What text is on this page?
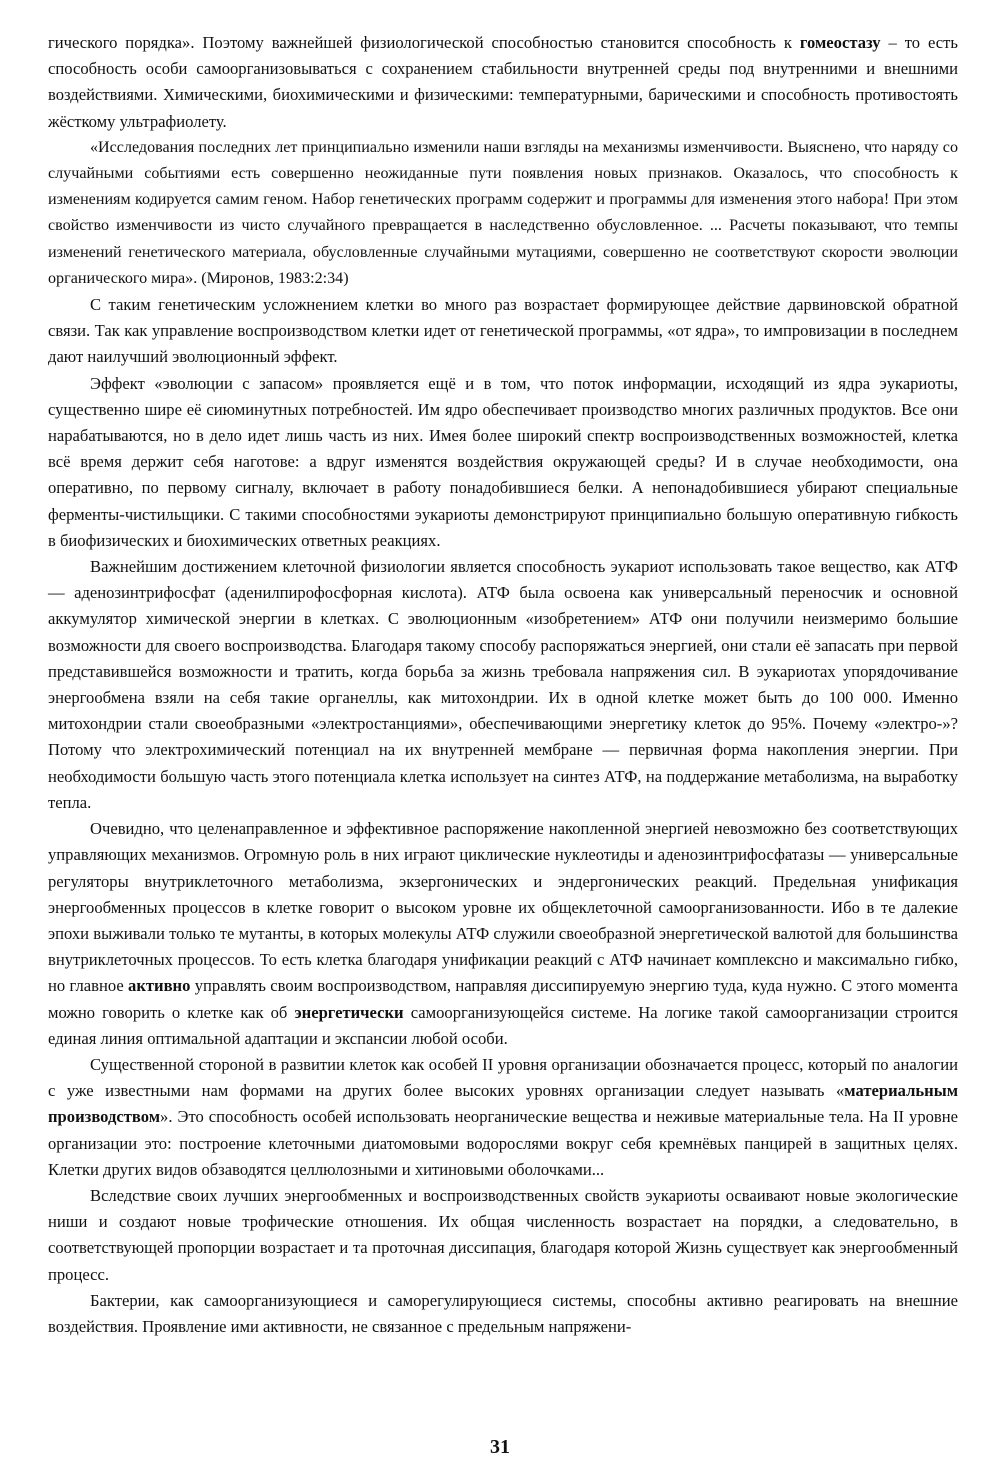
гического порядка». Поэтому важнейшей физиологической способностью становится способность к гомеостазу – то есть способность особи самоорганизовываться с сохранением стабильности внутренней среды под внутренними и внешними воздействиями. Химическими, биохимическими и физическими: температурными, барическими и способность противостоять жёсткому ультрафиолету.

«Исследования последних лет принципиально изменили наши взгляды на механизмы изменчивости. Выяснено, что наряду со случайными событиями есть совершенно неожиданные пути появления новых признаков. Оказалось, что способность к изменениям кодируется самим геном. Набор генетических программ содержит и программы для изменения этого набора! При этом свойство изменчивости из чисто случайного превращается в наследственно обусловленное. ... Расчеты показывают, что темпы изменений генетического материала, обусловленные случайными мутациями, совершенно не соответствуют скорости эволюции органического мира». (Миронов, 1983:2:34)

С таким генетическим усложнением клетки во много раз возрастает формирующее действие дарвиновской обратной связи. Так как управление воспроизводством клетки идет от генетической программы, «от ядра», то импровизации в последнем дают наилучший эволюционный эффект.

Эффект «эволюции с запасом» проявляется ещё и в том, что поток информации, исходящий из ядра эукариоты, существенно шире её сиюминутных потребностей. Им ядро обеспечивает производство многих различных продуктов. Все они нарабатываются, но в дело идет лишь часть из них. Имея более широкий спектр воспроизводственных возможностей, клетка всё время держит себя наготове: а вдруг изменятся воздействия окружающей среды? И в случае необходимости, она оперативно, по первому сигналу, включает в работу понадобившиеся белки. А непонадобившиеся убирают специальные ферменты-чистильщики. С такими способностями эукариоты демонстрируют принципиально большую оперативную гибкость в биофизических и биохимических ответных реакциях.

Важнейшим достижением клеточной физиологии является способность эукариот использовать такое вещество, как АТФ — аденозинтрифосфат (аденилпирофосфорная кислота). АТФ была освоена как универсальный переносчик и основной аккумулятор химической энергии в клетках. С эволюционным «изобретением» АТФ они получили неизмеримо большие возможности для своего воспроизводства. Благодаря такому способу распоряжаться энергией, они стали её запасать при первой представившейся возможности и тратить, когда борьба за жизнь требовала напряжения сил. В эукариотах упорядочивание энергообмена взяли на себя такие органеллы, как митохондрии. Их в одной клетке может быть до 100 000. Именно митохондрии стали своеобразными «электростанциями», обеспечивающими энергетику клеток до 95%. Почему «электро-»? Потому что электрохимический потенциал на их внутренней мембране — первичная форма накопления энергии. При необходимости большую часть этого потенциала клетка использует на синтез АТФ, на поддержание метаболизма, на выработку тепла.

Очевидно, что целенаправленное и эффективное распоряжение накопленной энергией невозможно без соответствующих управляющих механизмов. Огромную роль в них играют циклические нуклеотиды и аденозинтрифосфатазы — универсальные регуляторы внутриклеточного метаболизма, экзергонических и эндергонических реакций. Предельная унификация энергообменных процессов в клетке говорит о высоком уровне их общеклеточной самоорганизованности. Ибо в те далекие эпохи выживали только те мутанты, в которых молекулы АТФ служили своеобразной энергетической валютой для большинства внутриклеточных процессов. То есть клетка благодаря унификации реакций с АТФ начинает комплексно и максимально гибко, но главное активно управлять своим воспроизводством, направляя диссипируемую энергию туда, куда нужно. С этого момента можно говорить о клетке как об энергетически самоорганизующейся системе. На логике такой самоорганизации строится единая линия оптимальной адаптации и экспансии любой особи.

Существенной стороной в развитии клеток как особей II уровня организации обозначается процесс, который по аналогии с уже известными нам формами на других более высоких уровнях организации следует называть «материальным производством». Это способность особей использовать неорганические вещества и неживые материальные тела. На II уровне организации это: построение клеточными диатомовыми водорослями вокруг себя кремнёвых панцирей в защитных целях. Клетки других видов обзаводятся целлюлозными и хитиновыми оболочками...

Вследствие своих лучших энергообменных и воспроизводственных свойств эукариоты осваивают новые экологические ниши и создают новые трофические отношения. Их общая численность возрастает на порядки, а следовательно, в соответствующей пропорции возрастает и та проточная диссипация, благодаря которой Жизнь существует как энергообменный процесс.

Бактерии, как самоорганизующиеся и саморегулирующиеся системы, способны активно реагировать на внешние воздействия. Проявление ими активности, не связанное с предельным напряжени-

31
